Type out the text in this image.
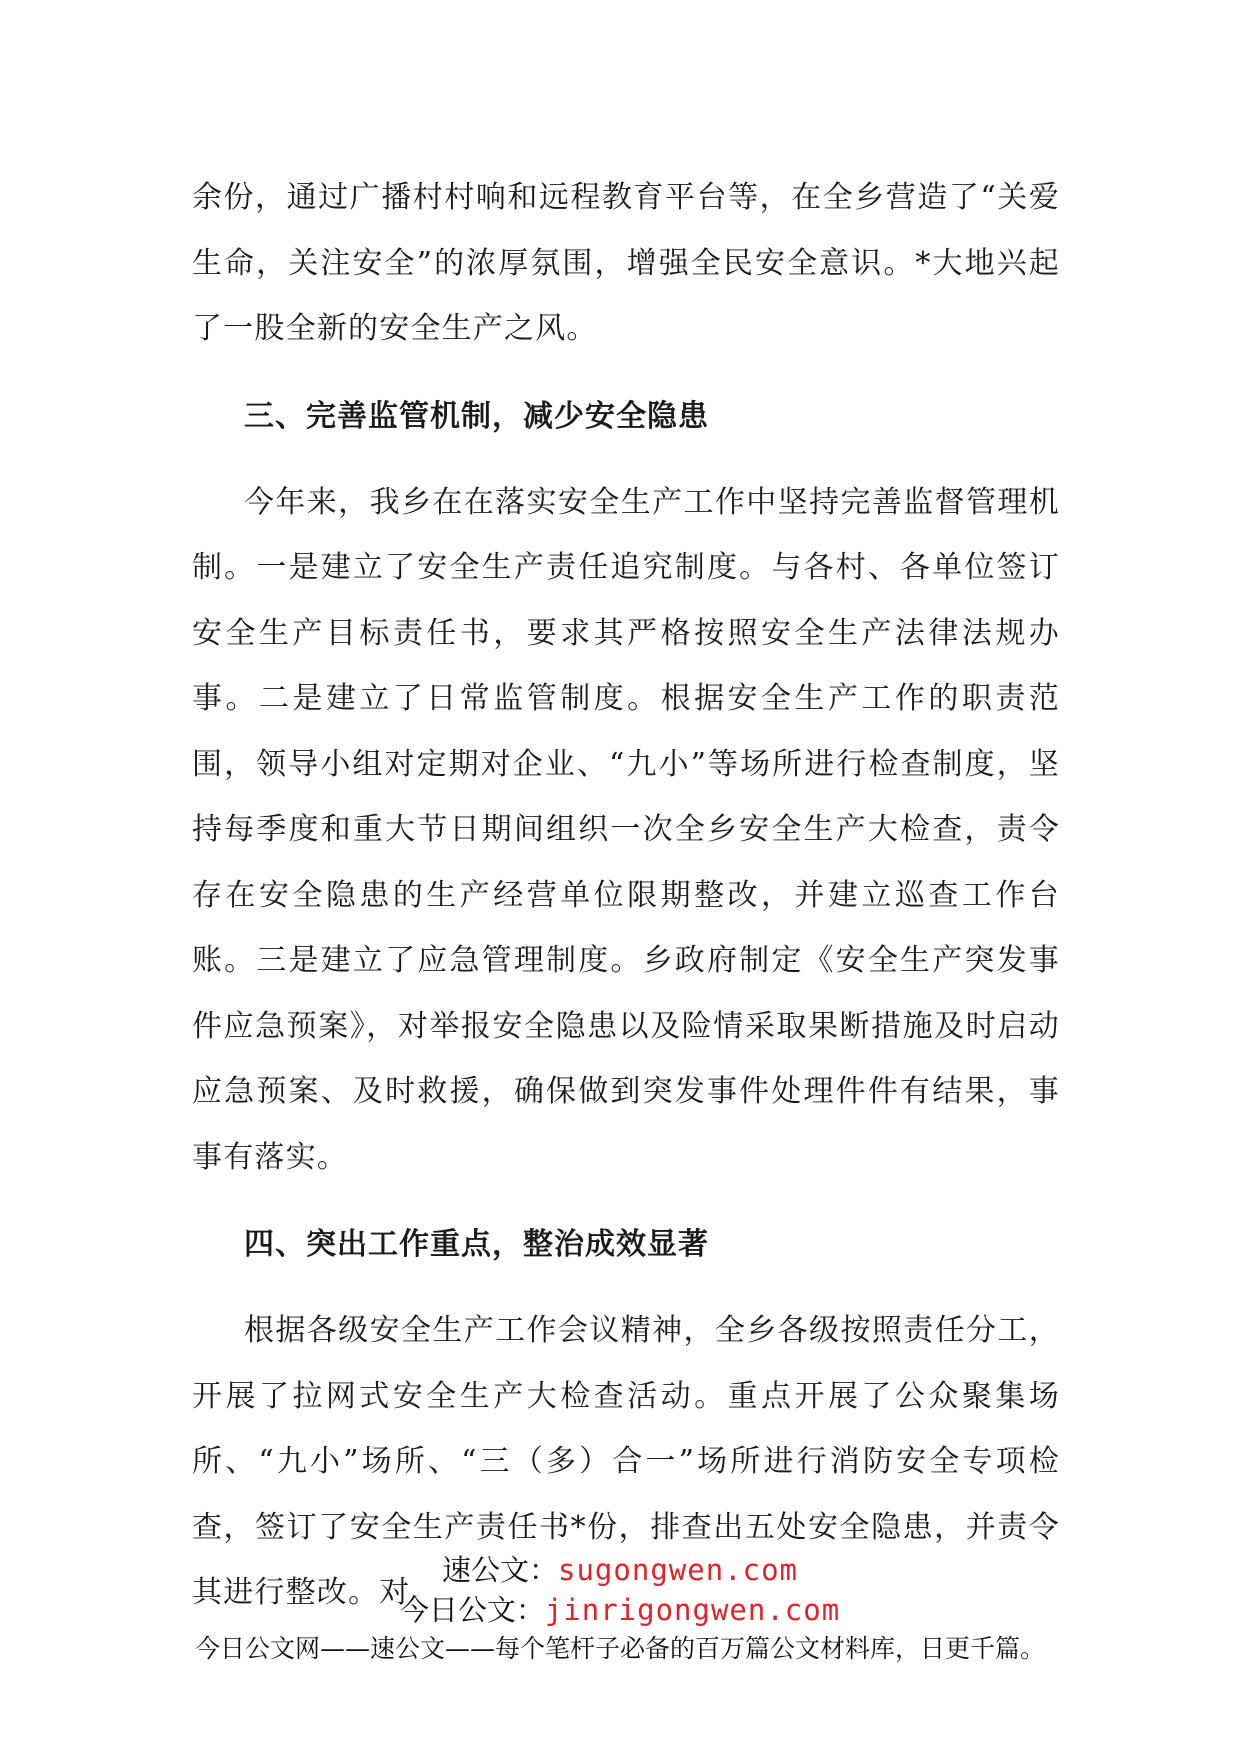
余份，通过广播村村响和远程教育平台等，在全乡营造了“关爱生命，关注安全”的浓厚氛围，增强全民安全意识。*大地兴起了一股全新的安全生产之风。

三、完善监管机制，减少安全隐患

今年来，我乡在在落实安全生产工作中坚持完善监督管理机制。一是建立了安全生产责任追究制度。与各村、各单位签订安全生产目标责任书，要求其严格按照安全生产法律法规办事。二是建立了日常监管制度。根据安全生产工作的职责范围，领导小组对定期对企业、“九小”等场所进行检查制度，坚持每季度和重大节日期间组织一次全乡安全生产大检查，责令存在安全隐患的生产经营单位限期整改，并建立巡查工作台账。三是建立了应急管理制度。乡政府制定《安全生产突发事件应急预案》，对举报安全隐患以及险情采取果断措施及时启动应急预案、及时救援，确保做到突发事件处理件件有结果，事事有落实。

四、突出工作重点，整治成效显著

根据各级安全生产工作会议精神，全乡各级按照责任分工，开展了拉网式安全生产大检查活动。重点开展了公众聚集场所、“九小”场所、“三（多）合一”场所进行消防安全专项检查，签订了安全生产责任书*份，排查出五处安全隐患，并责令其进行整改。对

速公文：sugongwen.com
今日公文：jinrigongwen.com
今日公文网——速公文——每个笔杆子必备的百万篇公文材料库，日更千篇。
